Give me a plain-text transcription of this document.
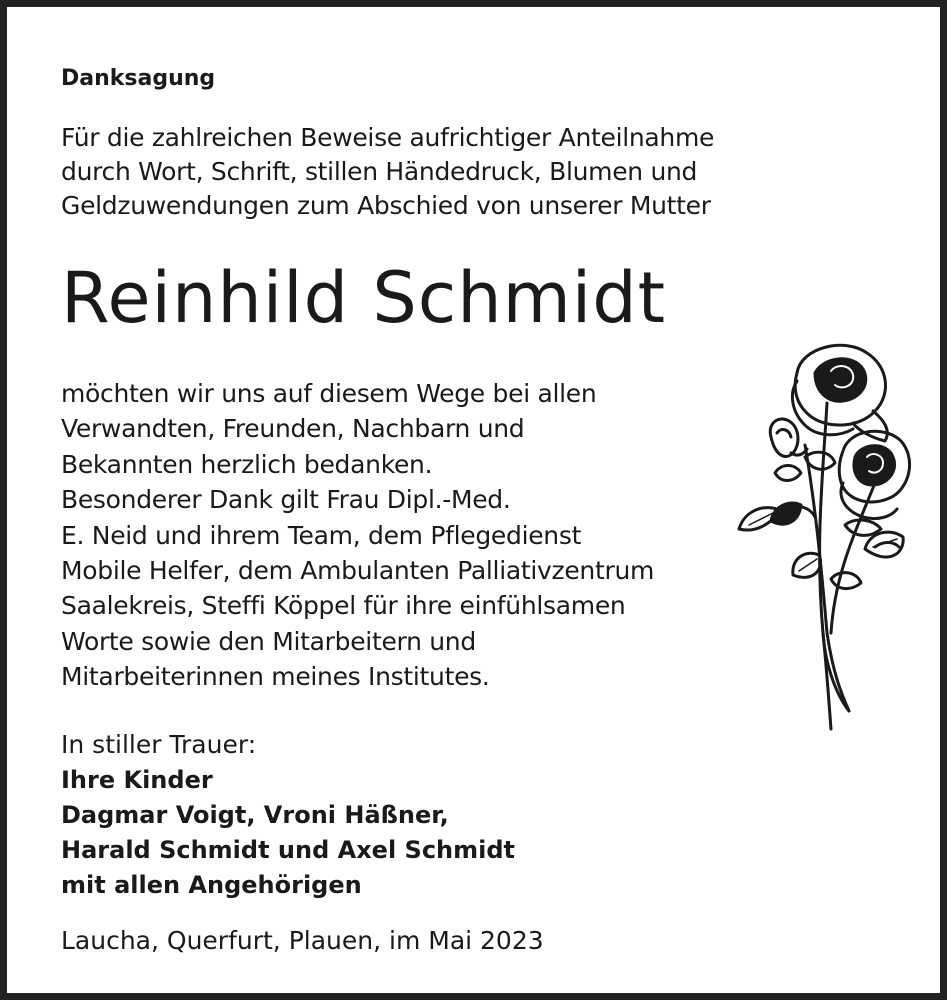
Danksagung
Für die zahlreichen Beweise aufrichtiger Anteilnahme
durch Wort, Schrift, stillen Händedruck, Blumen und
Geldzuwendungen zum Abschied von unserer Mutter
Reinhild Schmidt
möchten wir uns auf diesem Wege bei allen
Verwandten, Freunden, Nachbarn und
Bekannten herzlich bedanken.
Besonderer Dank gilt Frau Dipl.-Med.
E. Neid und ihrem Team, dem Pflegedienst
Mobile Helfer, dem Ambulanten Palliativzentrum
Saalekreis, Steffi Köppel für ihre einfühlsamen
Worte sowie den Mitarbeitern und
Mitarbeiterinnen meines Institutes.
In stiller Trauer:
Ihre Kinder
Dagmar Voigt, Vroni Häßner,
Harald Schmidt und Axel Schmidt
mit allen Angehörigen
Laucha, Querfurt, Plauen, im Mai 2023
